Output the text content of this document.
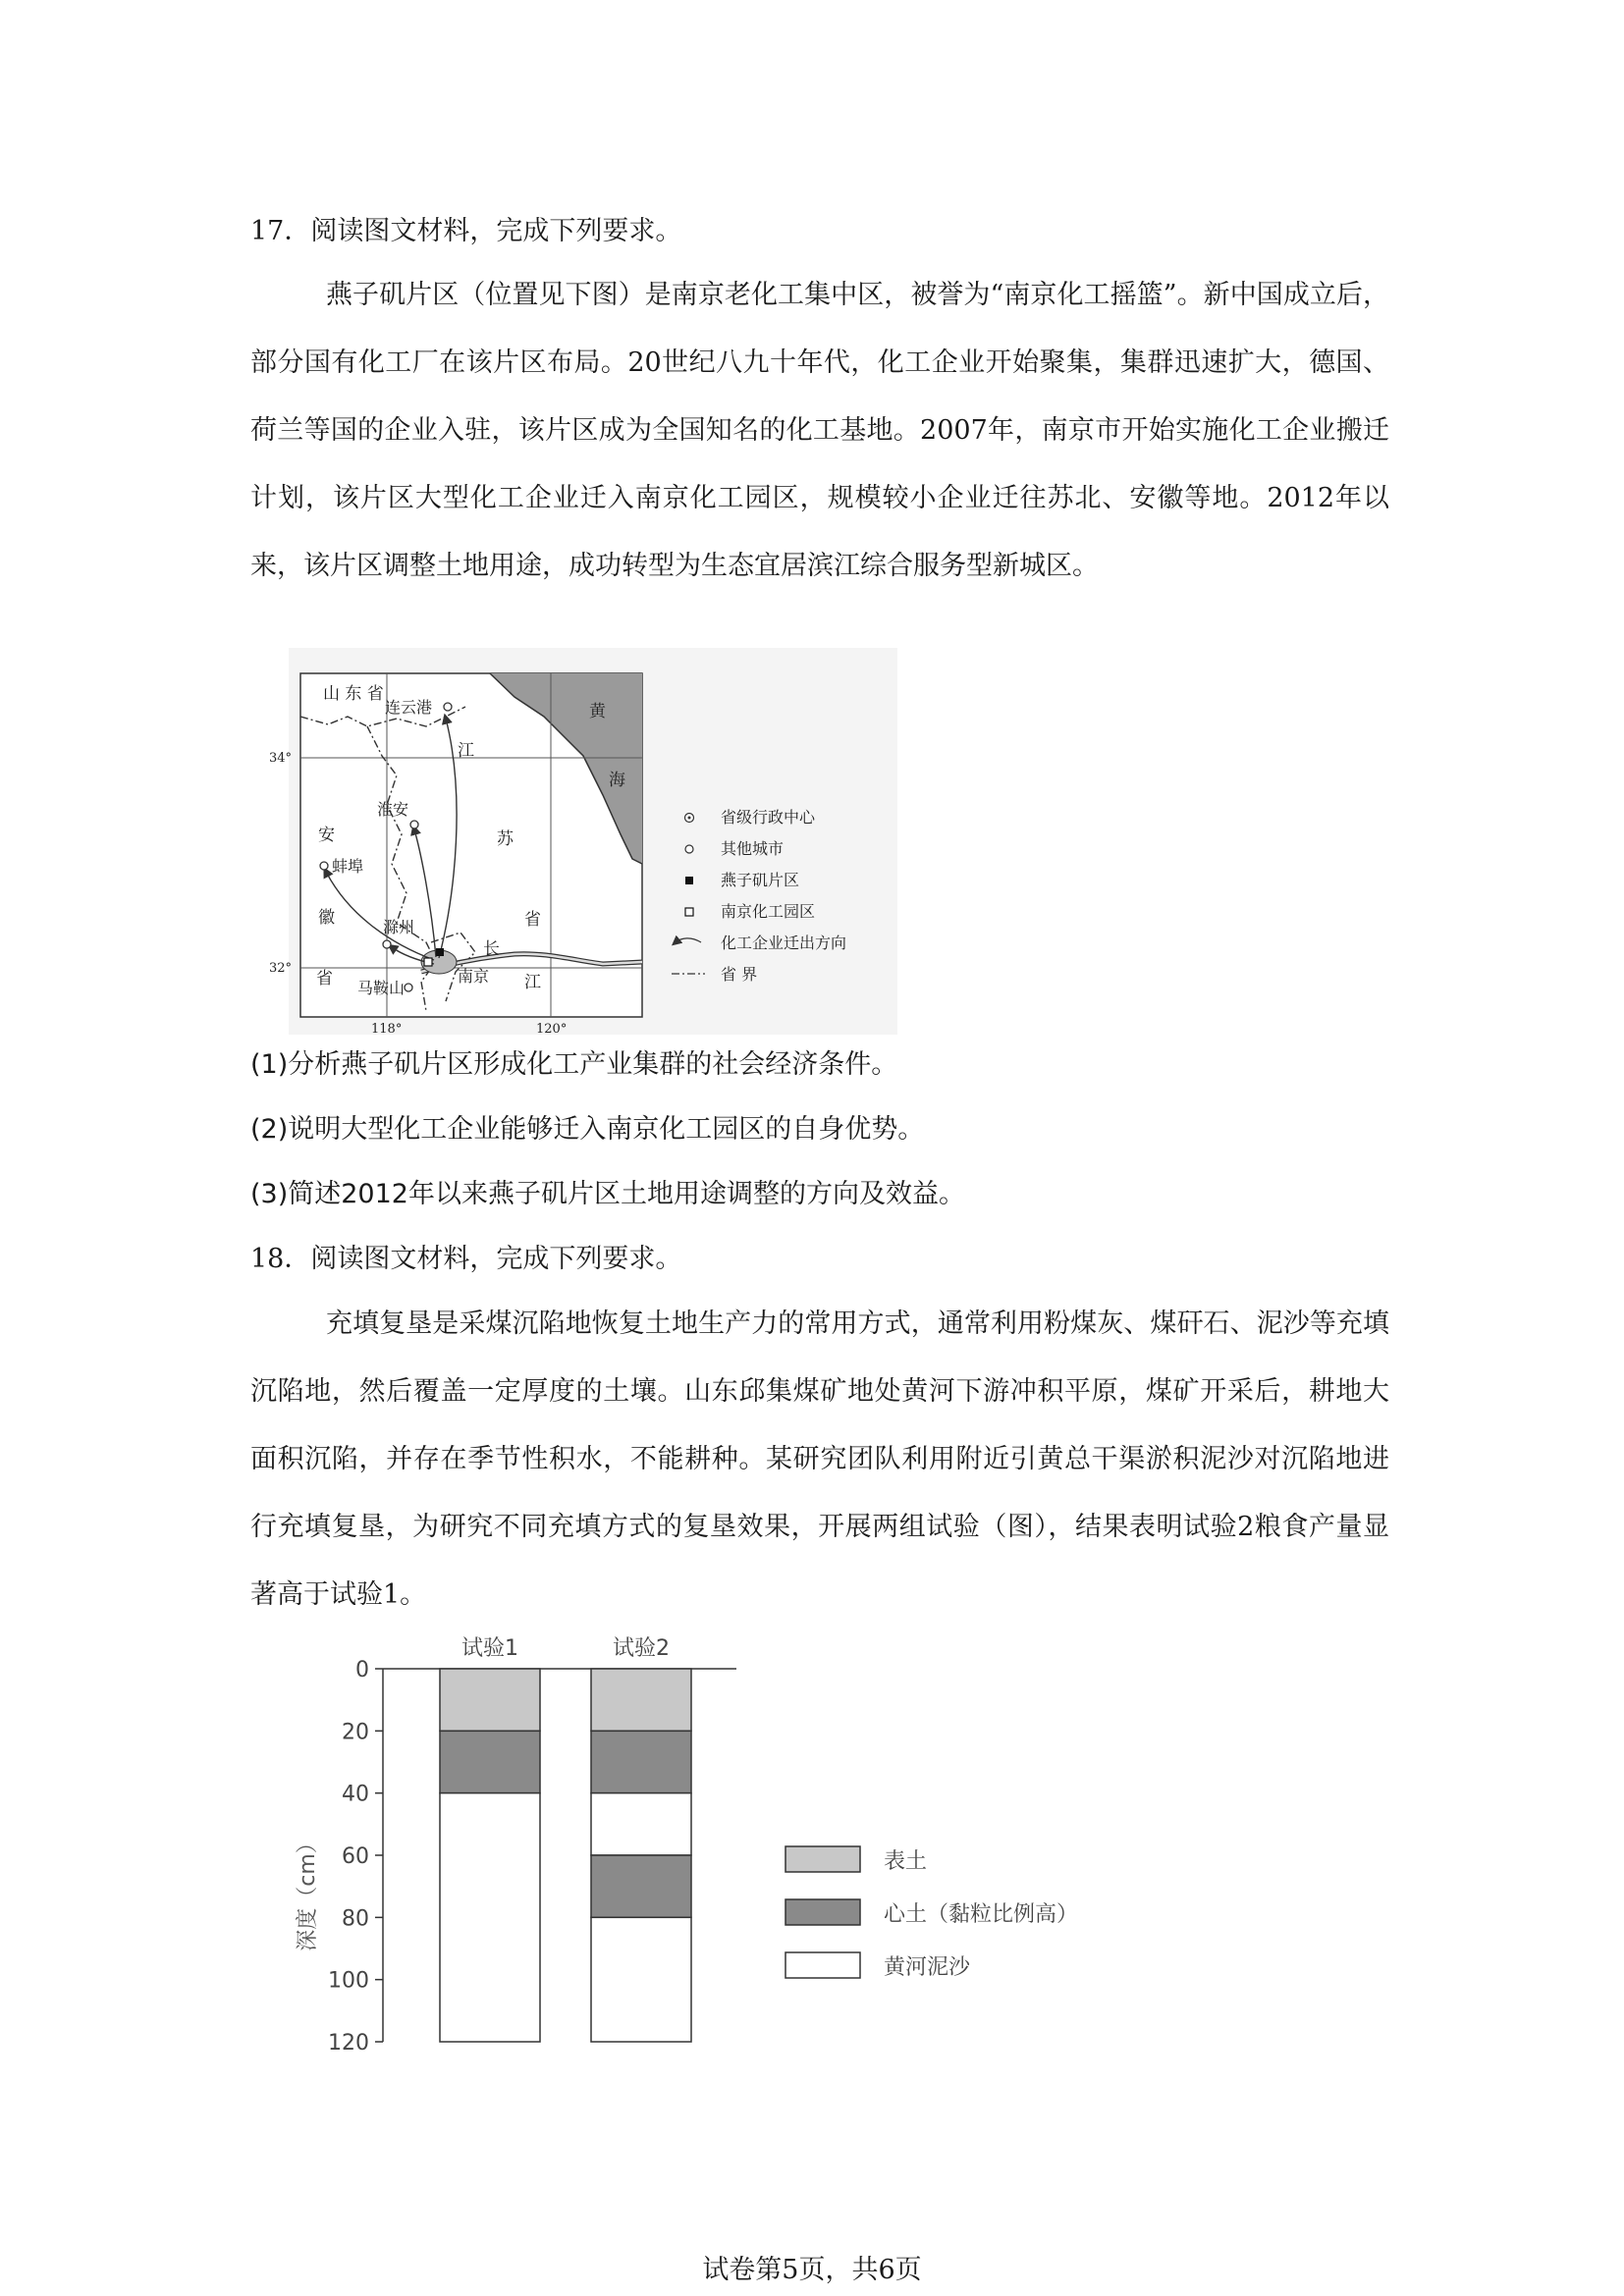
17．阅读图文材料，完成下列要求。
燕子矶片区（位置见下图）是南京老化工集中区，被誉为“南京化工摇篮”。新中国成立后，部分国有化工厂在该片区布局。20世纪八九十年代，化工企业开始聚集，集群迅速扩大，德国、荷兰等国的企业入驻，该片区成为全国知名的化工基地。2007年，南京市开始实施化工企业搬迁计划，该片区大型化工企业迁入南京化工园区，规模较小企业迁往苏北、安徽等地。2012年以来，该片区调整土地用途，成功转型为生态宜居滨江综合服务型新城区。
山 东 省
黄
海
江
苏
省
安
徽
省
长
江
连云港
淮安
蚌埠
滁州
南京
马鞍山
34°
32°
118°	120°
省级行政中心
其他城市
燕子矶片区
南京化工园区
化工企业迁出方向
省 界
(1)分析燕子矶片区形成化工产业集群的社会经济条件。
(2)说明大型化工企业能够迁入南京化工园区的自身优势。
(3)简述2012年以来燕子矶片区土地用途调整的方向及效益。
18．阅读图文材料，完成下列要求。
充填复垦是采煤沉陷地恢复土地生产力的常用方式，通常利用粉煤灰、煤矸石、泥沙等充填沉陷地，然后覆盖一定厚度的土壤。山东邱集煤矿地处黄河下游冲积平原，煤矿开采后，耕地大面积沉陷，并存在季节性积水，不能耕种。某研究团队利用附近引黄总干渠淤积泥沙对沉陷地进行充填复垦，为研究不同充填方式的复垦效果，开展两组试验（图），结果表明试验2粮食产量显著高于试验1。
0
20
40
60
80
100
120
试验1	试验2
表土
心土（黏粒比例高）
黄河泥沙
深度（cm）
试卷第5页，共6页
